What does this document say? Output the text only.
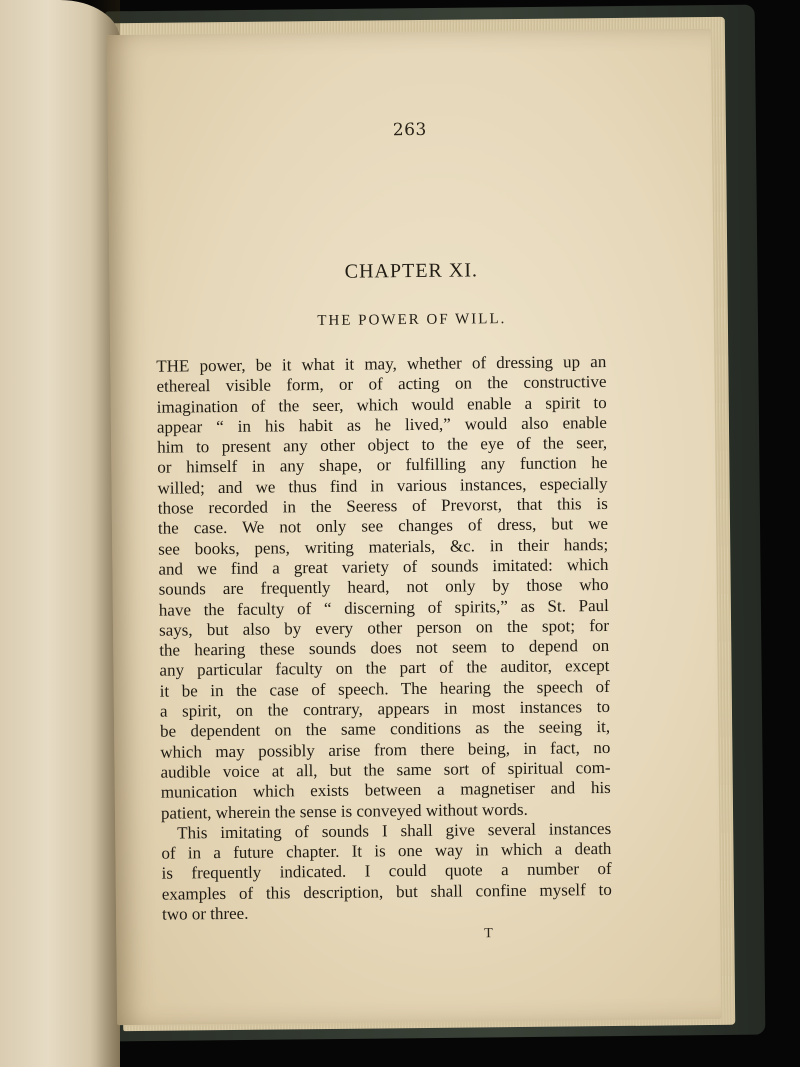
263
CHAPTER XI.
THE POWER OF WILL.
THE power, be it what it may, whether of dressing up an
ethereal visible form, or of acting on the constructive
imagination of the seer, which would enable a spirit to
appear “ in his habit as he lived,” would also enable
him to present any other object to the eye of the seer,
or himself in any shape, or fulfilling any function he
willed; and we thus find in various instances, especially
those recorded in the Seeress of Prevorst, that this is
the case. We not only see changes of dress, but we
see books, pens, writing materials, &c. in their hands;
and we find a great variety of sounds imitated: which
sounds are frequently heard, not only by those who
have the faculty of “ discerning of spirits,” as St. Paul
says, but also by every other person on the spot; for
the hearing these sounds does not seem to depend on
any particular faculty on the part of the auditor, except
it be in the case of speech. The hearing the speech of
a spirit, on the contrary, appears in most instances to
be dependent on the same conditions as the seeing it,
which may possibly arise from there being, in fact, no
audible voice at all, but the same sort of spiritual com-
munication which exists between a magnetiser and his
patient, wherein the sense is conveyed without words.
This imitating of sounds I shall give several instances
of in a future chapter. It is one way in which a death
is frequently indicated. I could quote a number of
examples of this description, but shall confine myself to
two or three.
T
